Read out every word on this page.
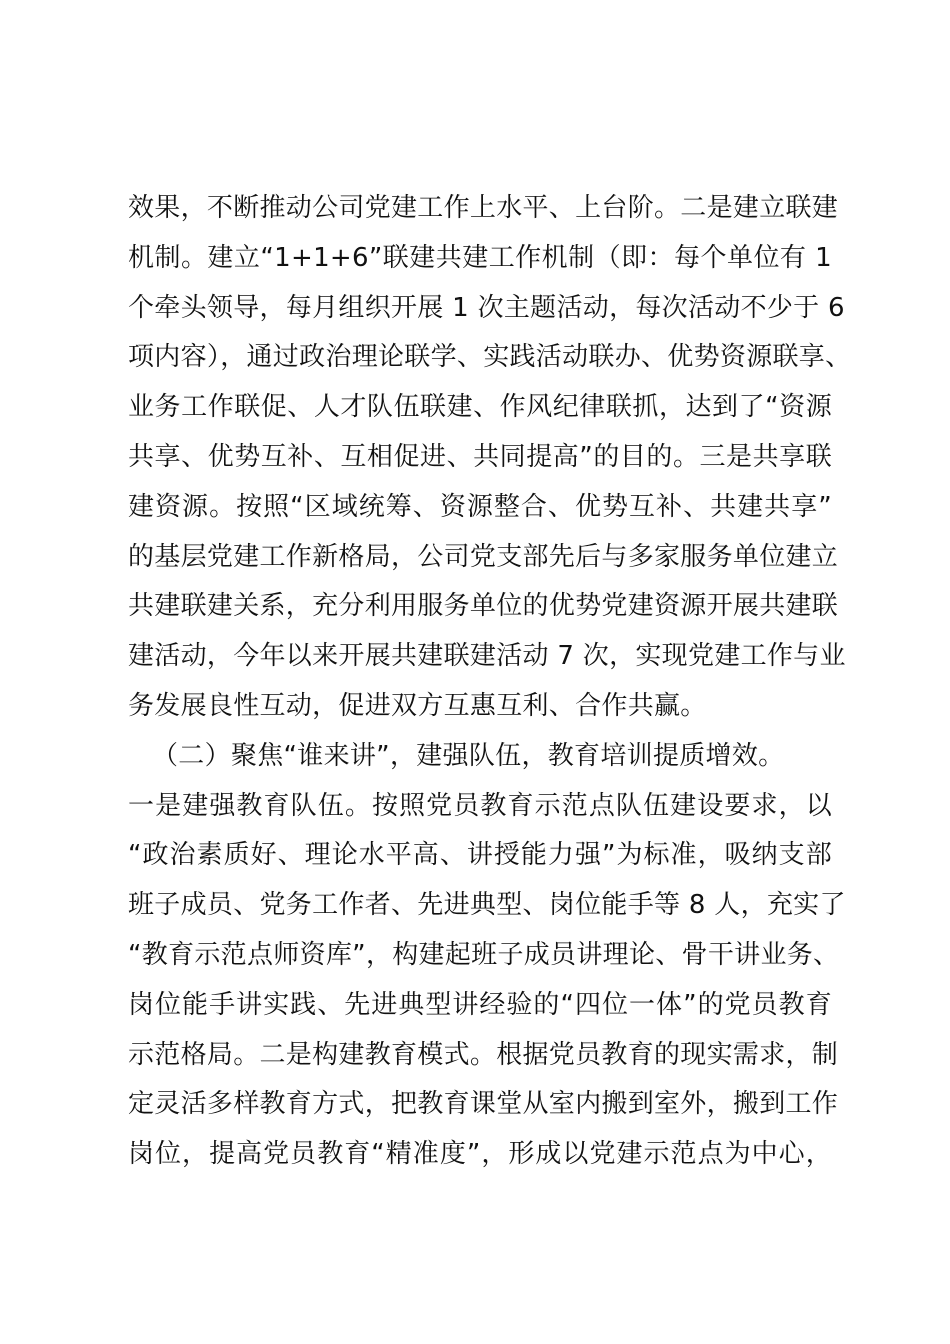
效果，不断推动公司党建工作上水平、上台阶。二是建立联建
机制。建立“1+1+6”联建共建工作机制（即：每个单位有 1
个牵头领导，每月组织开展 1 次主题活动，每次活动不少于 6
项内容），通过政治理论联学、实践活动联办、优势资源联享、
业务工作联促、人才队伍联建、作风纪律联抓，达到了“资源
共享、优势互补、互相促进、共同提高”的目的。三是共享联
建资源。按照“区域统筹、资源整合、优势互补、共建共享”
的基层党建工作新格局，公司党支部先后与多家服务单位建立
共建联建关系，充分利用服务单位的优势党建资源开展共建联
建活动，今年以来开展共建联建活动 7 次，实现党建工作与业
务发展良性互动，促进双方互惠互利、合作共赢。
（二）聚焦“谁来讲”，建强队伍，教育培训提质增效。
一是建强教育队伍。按照党员教育示范点队伍建设要求，以
“政治素质好、理论水平高、讲授能力强”为标准，吸纳支部
班子成员、党务工作者、先进典型、岗位能手等 8 人，充实了
“教育示范点师资库”，构建起班子成员讲理论、骨干讲业务、
岗位能手讲实践、先进典型讲经验的“四位一体”的党员教育
示范格局。二是构建教育模式。根据党员教育的现实需求，制
定灵活多样教育方式，把教育课堂从室内搬到室外，搬到工作
岗位，提高党员教育“精准度”，形成以党建示范点为中心，
